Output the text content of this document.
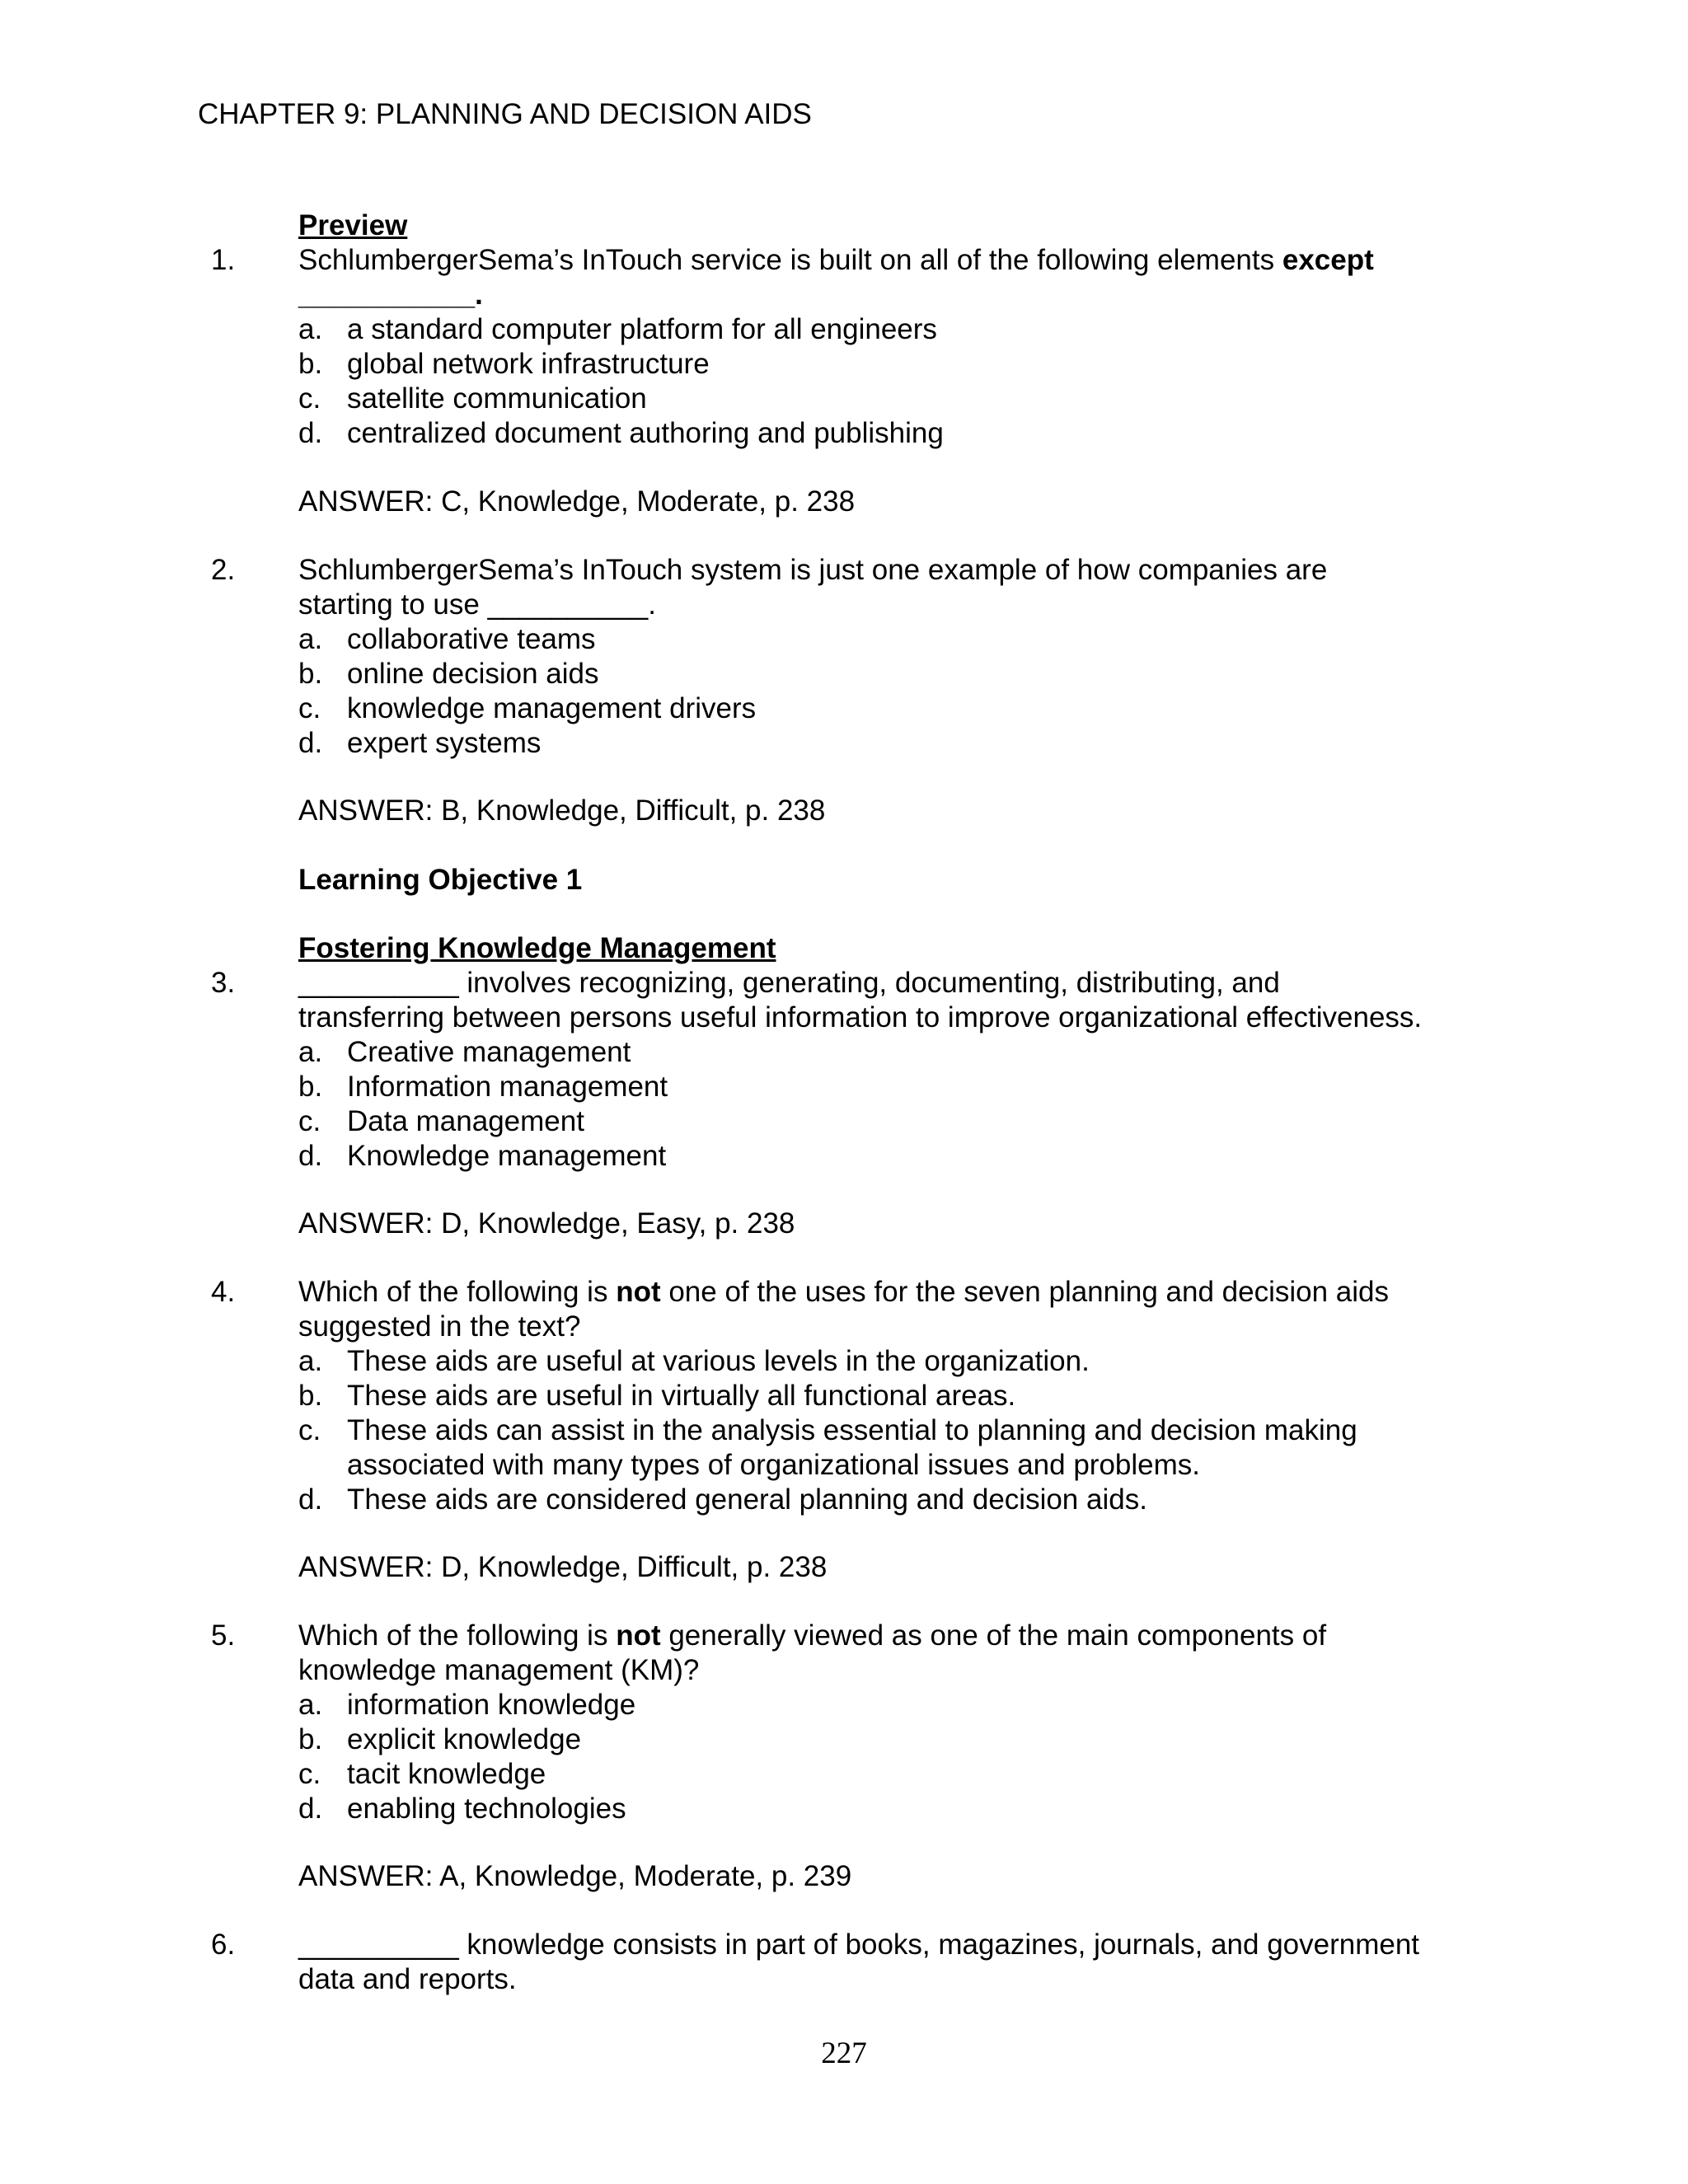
CHAPTER 9: PLANNING AND DECISION AIDS
Preview
1. SchlumbergerSema’s InTouch service is built on all of the following elements except
___________.
a. a standard computer platform for all engineers
b. global network infrastructure
c. satellite communication
d. centralized document authoring and publishing
ANSWER: C, Knowledge, Moderate, p. 238
2. SchlumbergerSema’s InTouch system is just one example of how companies are
starting to use __________.
a. collaborative teams
b. online decision aids
c. knowledge management drivers
d. expert systems
ANSWER: B, Knowledge, Difficult, p. 238
Learning Objective 1
Fostering Knowledge Management
3. __________ involves recognizing, generating, documenting, distributing, and
transferring between persons useful information to improve organizational effectiveness.
a. Creative management
b. Information management
c. Data management
d. Knowledge management
ANSWER: D, Knowledge, Easy, p. 238
4. Which of the following is not one of the uses for the seven planning and decision aids
suggested in the text?
a. These aids are useful at various levels in the organization.
b. These aids are useful in virtually all functional areas.
c. These aids can assist in the analysis essential to planning and decision making
associated with many types of organizational issues and problems.
d. These aids are considered general planning and decision aids.
ANSWER: D, Knowledge, Difficult, p. 238
5. Which of the following is not generally viewed as one of the main components of
knowledge management (KM)?
a. information knowledge
b. explicit knowledge
c. tacit knowledge
d. enabling technologies
ANSWER: A, Knowledge, Moderate, p. 239
6. __________ knowledge consists in part of books, magazines, journals, and government
data and reports.
227
